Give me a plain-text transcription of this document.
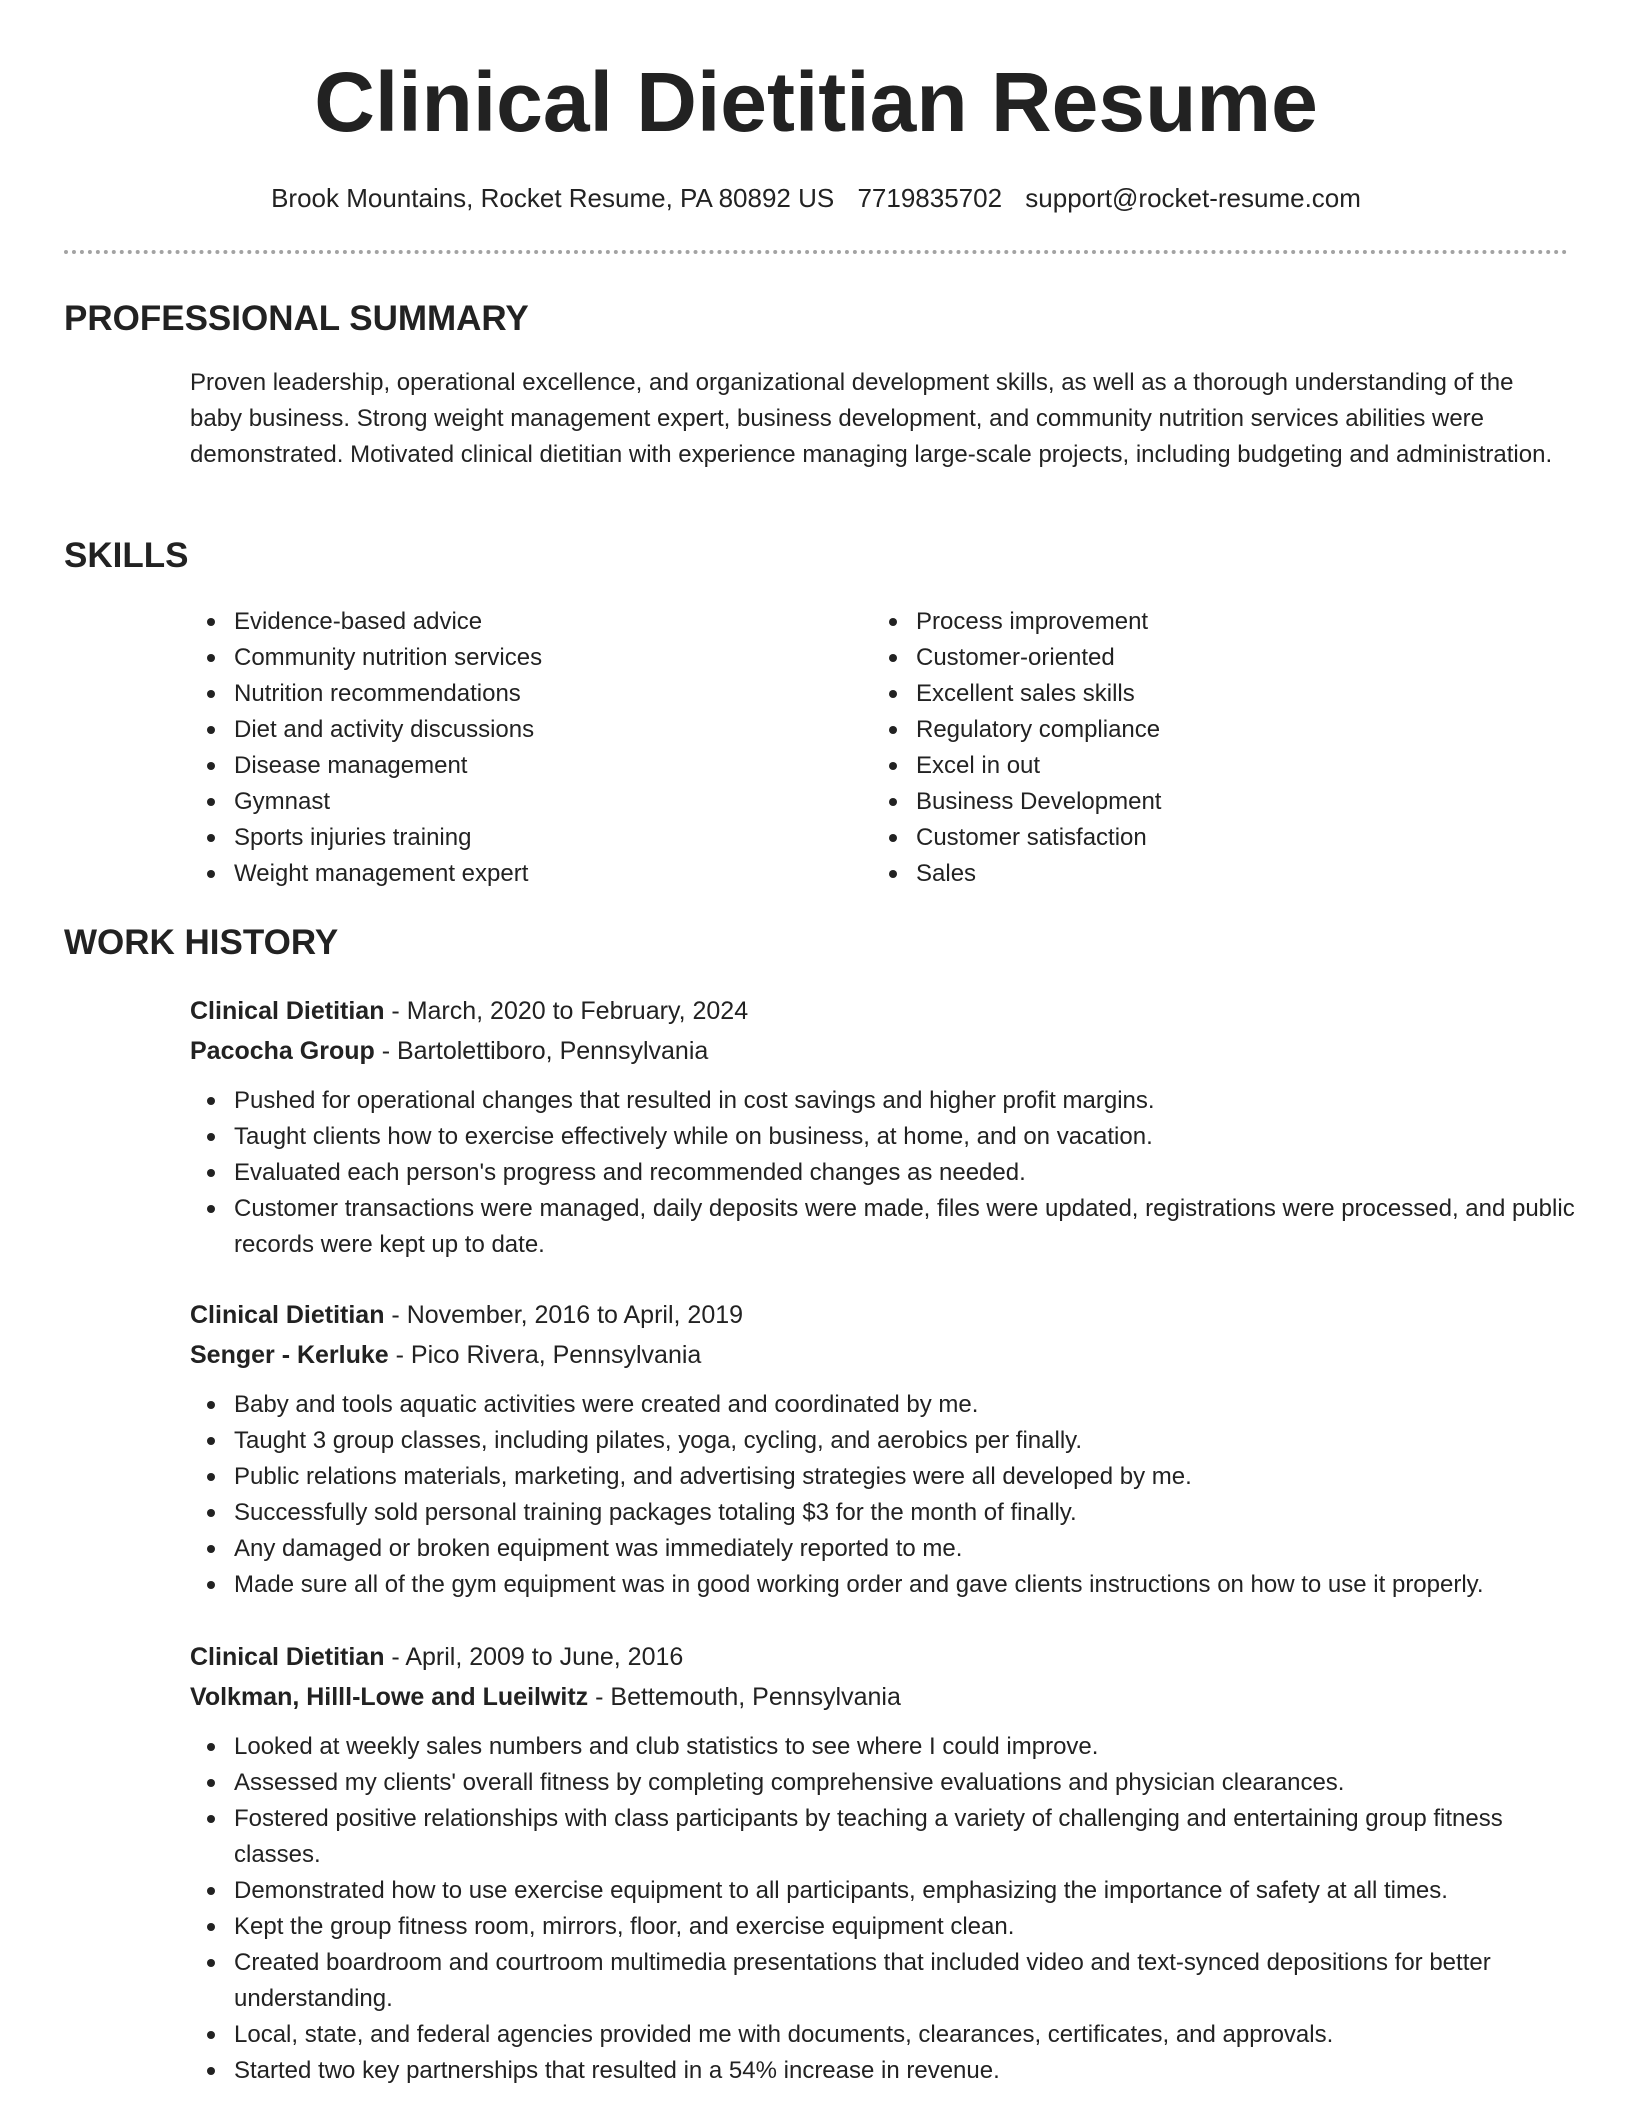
Clinical Dietitian Resume
Brook Mountains, Rocket Resume, PA 80892 US 7719835702 support@rocket-resume.com
PROFESSIONAL SUMMARY

Proven leadership, operational excellence, and organizational development skills, as well as a thorough understanding of the baby business. Strong weight management expert, business development, and community nutrition services abilities were demonstrated. Motivated clinical dietitian with experience managing large-scale projects, including budgeting and administration.

SKILLS
Evidence-based advice
Community nutrition services
Nutrition recommendations
Diet and activity discussions
Disease management
Gymnast
Sports injuries training
Weight management expert
Process improvement
Customer-oriented
Excellent sales skills
Regulatory compliance
Excel in out
Business Development
Customer satisfaction
Sales
WORK HISTORY

Clinical Dietitian - March, 2020 to February, 2024

Pacocha Group - Bartolettiboro, Pennsylvania

Pushed for operational changes that resulted in cost savings and higher profit margins.
Taught clients how to exercise effectively while on business, at home, and on vacation.
Evaluated each person's progress and recommended changes as needed.
Customer transactions were managed, daily deposits were made, files were updated, registrations were processed, and public records were kept up to date.

Clinical Dietitian - November, 2016 to April, 2019

Senger - Kerluke - Pico Rivera, Pennsylvania

Baby and tools aquatic activities were created and coordinated by me.
Taught 3 group classes, including pilates, yoga, cycling, and aerobics per finally.
Public relations materials, marketing, and advertising strategies were all developed by me.
Successfully sold personal training packages totaling $3 for the month of finally.
Any damaged or broken equipment was immediately reported to me.
Made sure all of the gym equipment was in good working order and gave clients instructions on how to use it properly.

Clinical Dietitian - April, 2009 to June, 2016

Volkman, Hilll-Lowe and Lueilwitz - Bettemouth, Pennsylvania

Looked at weekly sales numbers and club statistics to see where I could improve.
Assessed my clients' overall fitness by completing comprehensive evaluations and physician clearances.
Fostered positive relationships with class participants by teaching a variety of challenging and entertaining group fitness classes.
Demonstrated how to use exercise equipment to all participants, emphasizing the importance of safety at all times.
Kept the group fitness room, mirrors, floor, and exercise equipment clean.
Created boardroom and courtroom multimedia presentations that included video and text-synced depositions for better understanding.
Local, state, and federal agencies provided me with documents, clearances, certificates, and approvals.
Started two key partnerships that resulted in a 54% increase in revenue.
